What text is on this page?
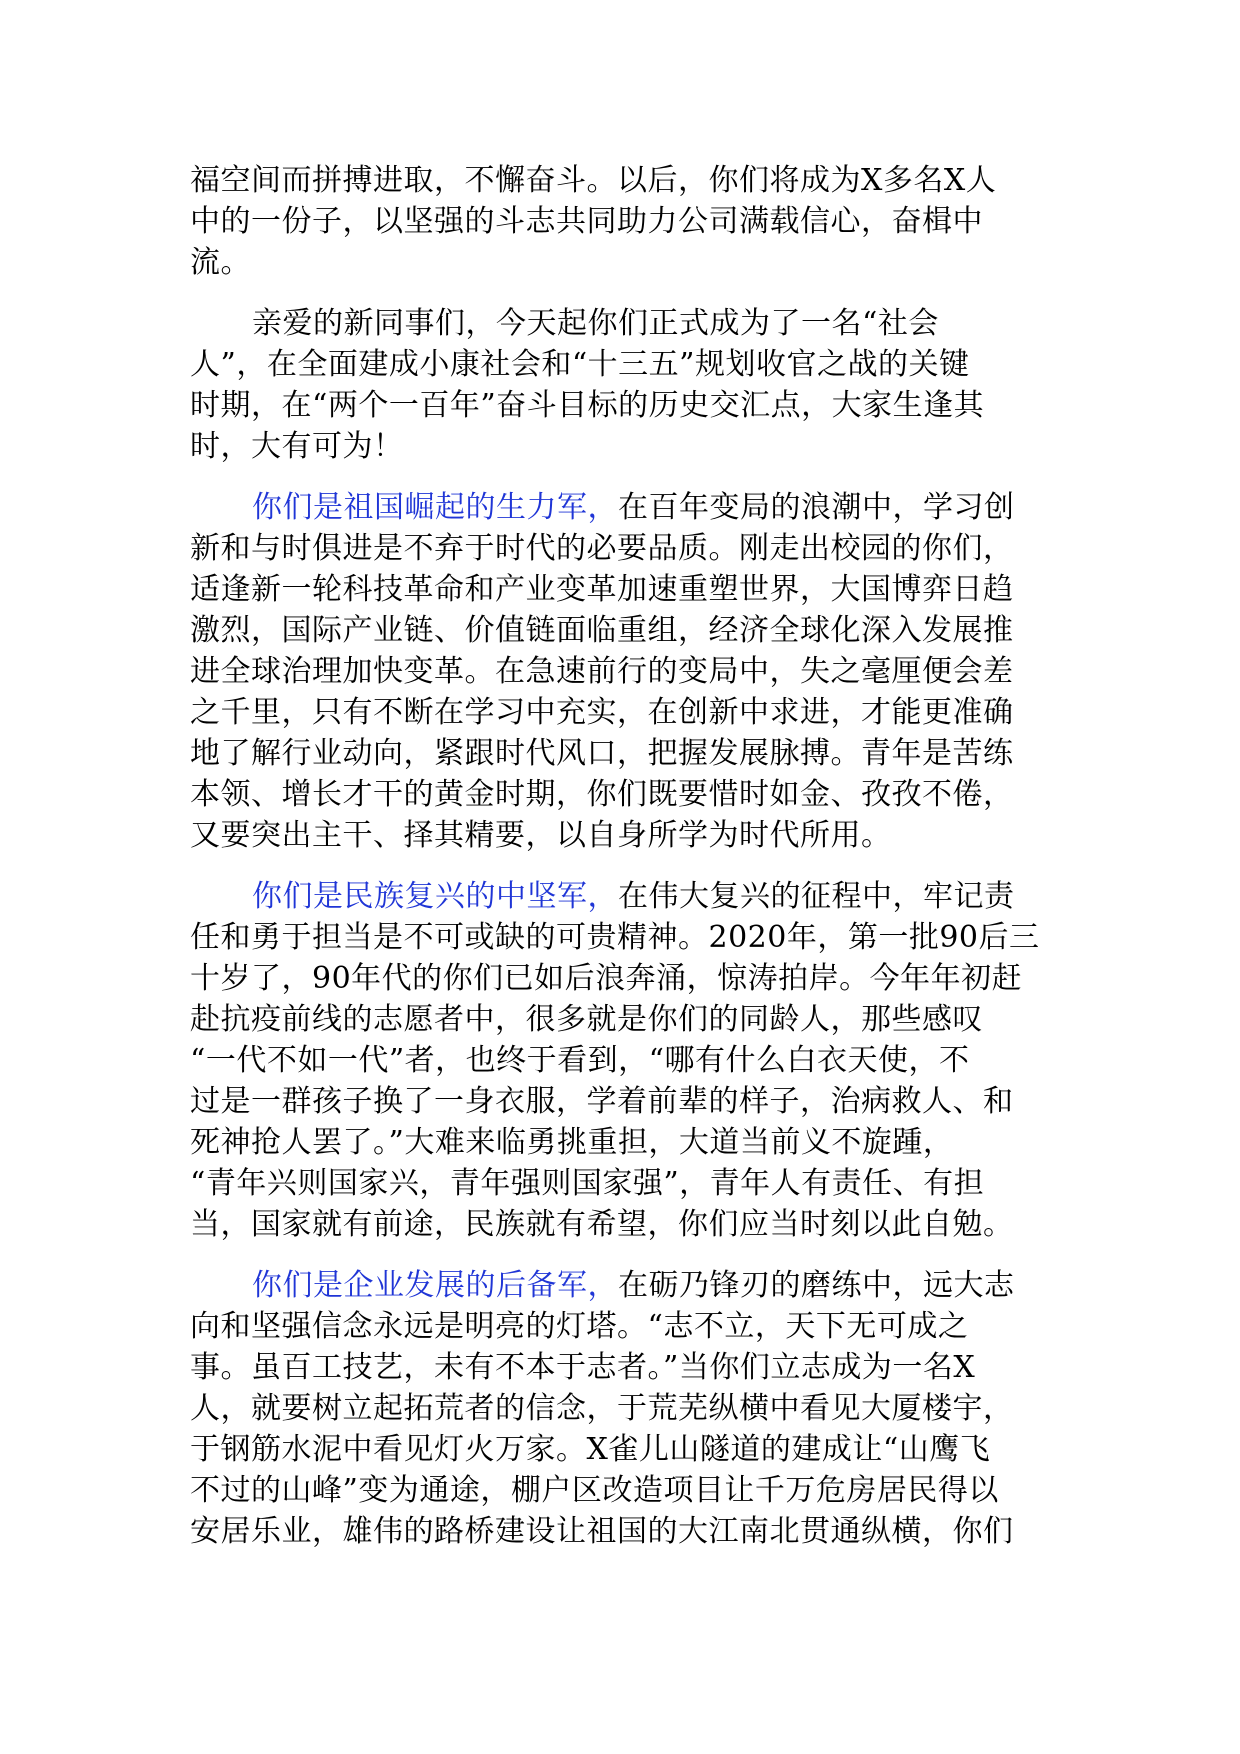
福空间而拼搏进取，不懈奋斗。以后，你们将成为X多名X人
中的一份子，以坚强的斗志共同助力公司满载信心，奋楫中
流。
亲爱的新同事们，今天起你们正式成为了一名“社会
人”，在全面建成小康社会和“十三五”规划收官之战的关键
时期，在“两个一百年”奋斗目标的历史交汇点，大家生逢其
时，大有可为！
你们是祖国崛起的生力军，在百年变局的浪潮中，学习创
新和与时俱进是不弃于时代的必要品质。刚走出校园的你们，
适逢新一轮科技革命和产业变革加速重塑世界，大国博弈日趋
激烈，国际产业链、价值链面临重组，经济全球化深入发展推
进全球治理加快变革。在急速前行的变局中，失之毫厘便会差
之千里，只有不断在学习中充实，在创新中求进，才能更准确
地了解行业动向，紧跟时代风口，把握发展脉搏。青年是苦练
本领、增长才干的黄金时期，你们既要惜时如金、孜孜不倦，
又要突出主干、择其精要，以自身所学为时代所用。
你们是民族复兴的中坚军，在伟大复兴的征程中，牢记责
任和勇于担当是不可或缺的可贵精神。2020年，第一批90后三
十岁了，90年代的你们已如后浪奔涌，惊涛拍岸。今年年初赶
赴抗疫前线的志愿者中，很多就是你们的同龄人，那些感叹
“一代不如一代”者，也终于看到，“哪有什么白衣天使，不
过是一群孩子换了一身衣服，学着前辈的样子，治病救人、和
死神抢人罢了。”大难来临勇挑重担，大道当前义不旋踵，
“青年兴则国家兴，青年强则国家强”，青年人有责任、有担
当，国家就有前途，民族就有希望，你们应当时刻以此自勉。
你们是企业发展的后备军，在砺乃锋刃的磨练中，远大志
向和坚强信念永远是明亮的灯塔。“志不立，天下无可成之
事。虽百工技艺，未有不本于志者。”当你们立志成为一名X
人，就要树立起拓荒者的信念，于荒芜纵横中看见大厦楼宇，
于钢筋水泥中看见灯火万家。X雀儿山隧道的建成让“山鹰飞
不过的山峰”变为通途，棚户区改造项目让千万危房居民得以
安居乐业，雄伟的路桥建设让祖国的大江南北贯通纵横，你们
